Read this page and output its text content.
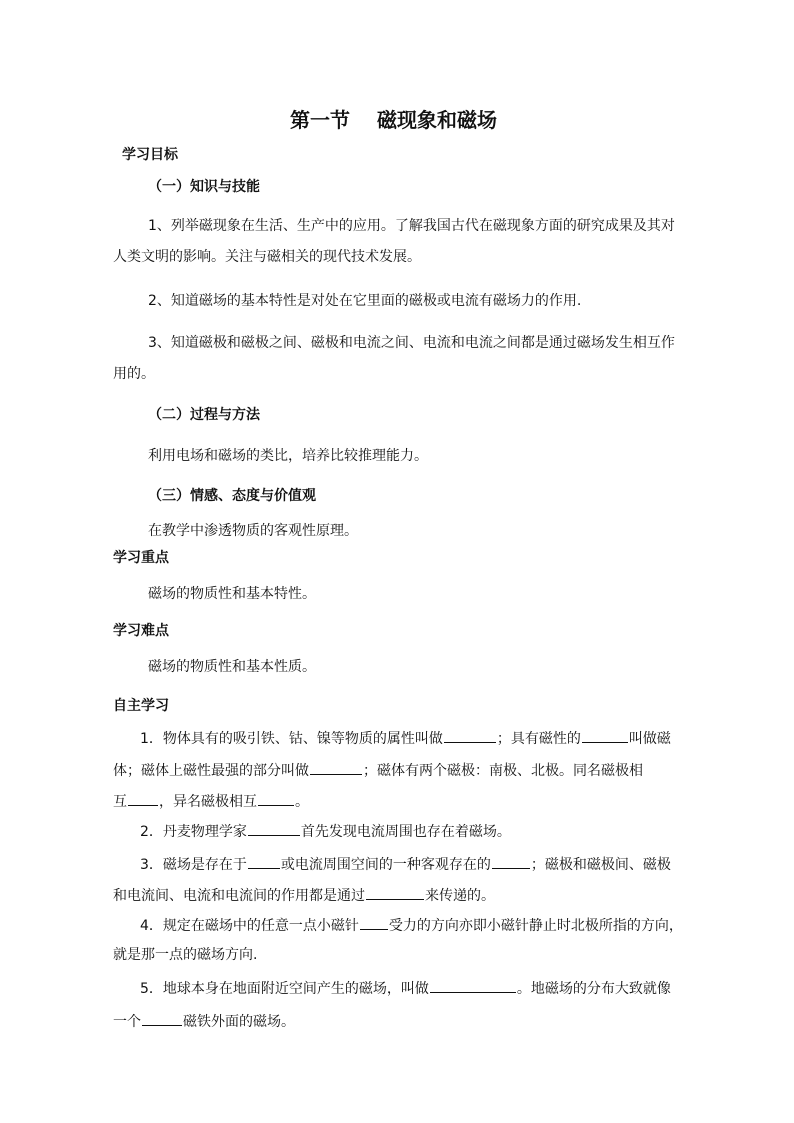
第一节　 磁现象和磁场
学习目标
（一）知识与技能
1、列举磁现象在生活、生产中的应用。了解我国古代在磁现象方面的研究成果及其对
人类文明的影响。关注与磁相关的现代技术发展。
2、知道磁场的基本特性是对处在它里面的磁极或电流有磁场力的作用.
3、知道磁极和磁极之间、磁极和电流之间、电流和电流之间都是通过磁场发生相互作
用的。
（二）过程与方法
利用电场和磁场的类比，培养比较推理能力。
（三）情感、态度与价值观
在教学中渗透物质的客观性原理。
学习重点
磁场的物质性和基本特性。
学习难点
磁场的物质性和基本性质。
自主学习
1．物体具有的吸引铁、钴、镍等物质的属性叫做	；具有磁性的	叫做磁
体；磁体上磁性最强的部分叫做	；磁体有两个磁极：南极、北极。同名磁极相
互 ，异名磁极相互	。
2．丹麦物理学家	首先发现电流周围也存在着磁场。
3．磁场是存在于 或电流周围空间的一种客观存在的	；磁极和磁极间、磁极
和电流间、电流和电流间的作用都是通过	来传递的。
4．规定在磁场中的任意一点小磁针 受力的方向亦即小磁针静止时北极所指的方向，
就是那一点的磁场方向.
5．地球本身在地面附近空间产生的磁场，叫做	。地磁场的分布大致就像
一个	磁铁外面的磁场。
